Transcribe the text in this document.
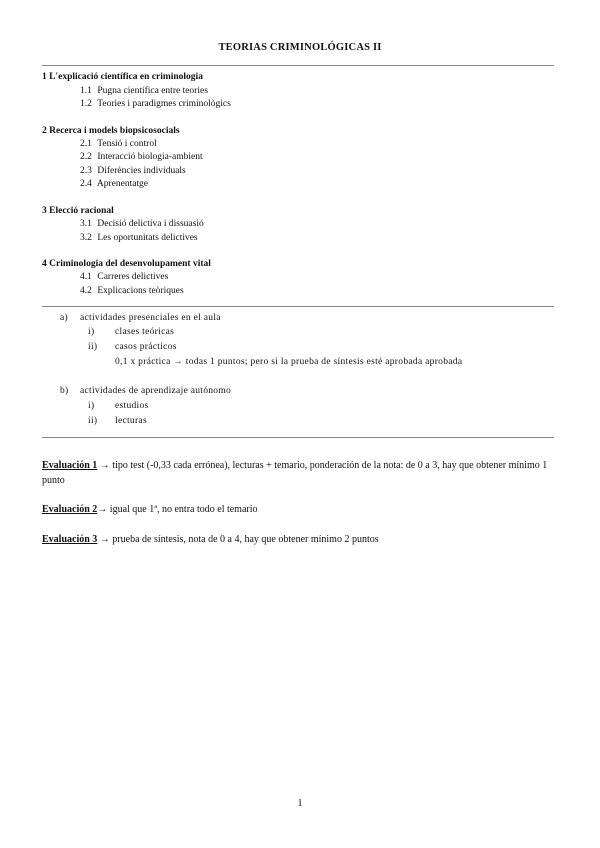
TEORIAS CRIMINOLÓGICAS II
1 L'explicació científica en criminologia
1.1 Pugna científica entre teories
1.2 Teories i paradigmes criminològics
2 Recerca i models biopsicosocials
2.1 Tensió i control
2.2 Interacció biologia-ambient
2.3 Diferències individuals
2.4 Aprenentatge
3 Elecció racional
3.1 Decisió delictiva i dissuasió
3.2 Les oportunitats delictives
4 Criminologia del desenvolupament vital
4.1 Carreres delictives
4.2 Explicacions teòriques
a) actividades presenciales en el aula
i) clases teóricas
ii) casos prácticos
0,1 x práctica → todas 1 puntos; pero si la prueba de síntesis esté aprobada aprobada
b) actividades de aprendizaje autónomo
i) estudios
ii) lecturas
Evaluación 1 → tipo test (-0,33 cada errónea), lecturas + temario, ponderación de la nota: de 0 a 3, hay que obtener mínimo 1 punto
Evaluación 2→ igual que 1ª, no entra todo el temario
Evaluación 3 → prueba de síntesis, nota de 0 a 4, hay que obtener mínimo 2 puntos
1
